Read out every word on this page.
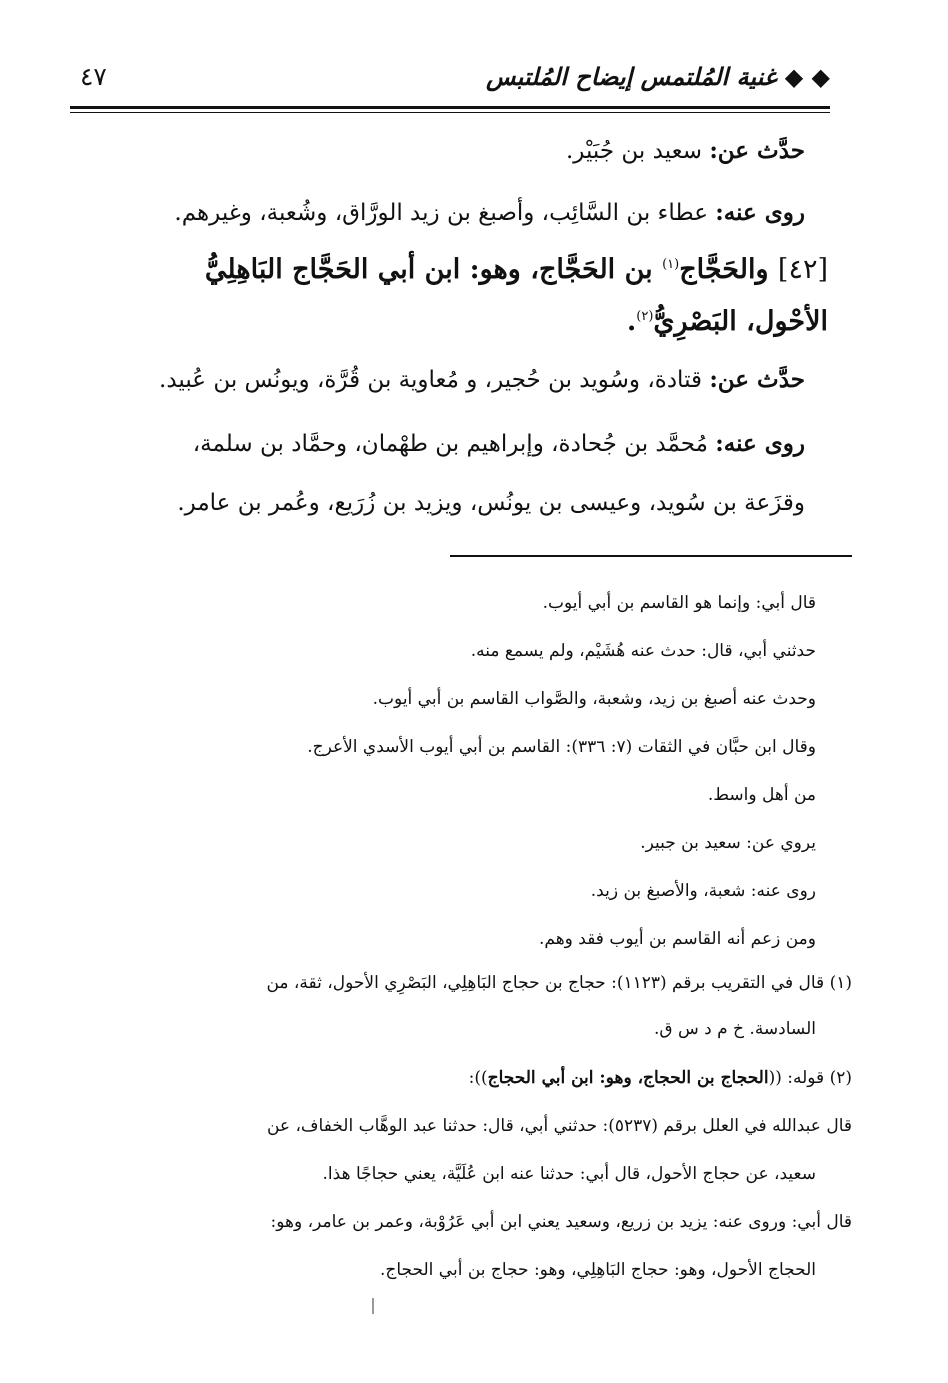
◆ ◆ غنية المُلتمس إيضاح المُلتبس
٤٧
حدَّث عن: سعيد بن جُبَيْر.
روى عنه: عطاء بن السَّائِب، وأصبغ بن زيد الورَّاق، وشُعبة، وغيرهم.
[٤٢] والحَجَّاج$^{(١)}$ بن الحَجَّاج، وهو: ابن أبي الحَجَّاج البَاهِلِيُّ
الأحْول، البَصْرِيُّ$^{(٢)}$.
حدَّث عن: قتادة، وسُويد بن حُجير، و مُعاوية بن قُرَّة، ويونُس بن عُبيد.
روى عنه: مُحمَّد بن جُحادة، وإبراهيم بن طهْمان، وحمَّاد بن سلمة،
وقزَعة بن سُويد، وعيسى بن يونُس، ويزيد بن زُرَيع، وعُمر بن عامر.
قال أبي: وإنما هو القاسم بن أبي أيوب.
حدثني أبي، قال: حدث عنه هُشَيْم، ولم يسمع منه.
وحدث عنه أصبغ بن زيد، وشعبة، والصَّواب القاسم بن أبي أيوب.
وقال ابن حبَّان في الثقات (٧: ٣٣٦): القاسم بن أبي أيوب الأسدي الأعرج.
من أهل واسط.
يروي عن: سعيد بن جبير.
روى عنه: شعبة، والأصبغ بن زيد.
ومن زعم أنه القاسم بن أيوب فقد وهم.
(١) قال في التقريب برقم (١١٢٣): حجاج بن حجاج البَاهِلِي، البَصْرِي الأحول، ثقة، من
السادسة. خ م د س ق.
(٢) قوله: ((الحجاج بن الحجاج، وهو: ابن أبي الحجاج)):
قال عبدالله في العلل برقم (٥٢٣٧): حدثني أبي، قال: حدثنا عبد الوهَّاب الخفاف، عن
سعيد، عن حجاج الأحول، قال أبي: حدثنا عنه ابن عُلَيَّة، يعني حجاجًا هذا.
قال أبي: وروى عنه: يزيد بن زريع، وسعيد يعني ابن أبي عَرُوْبة، وعمر بن عامر، وهو:
الحجاج الأحول، وهو: حجاج البَاهِلِي، وهو: حجاج بن أبي الحجاج.
